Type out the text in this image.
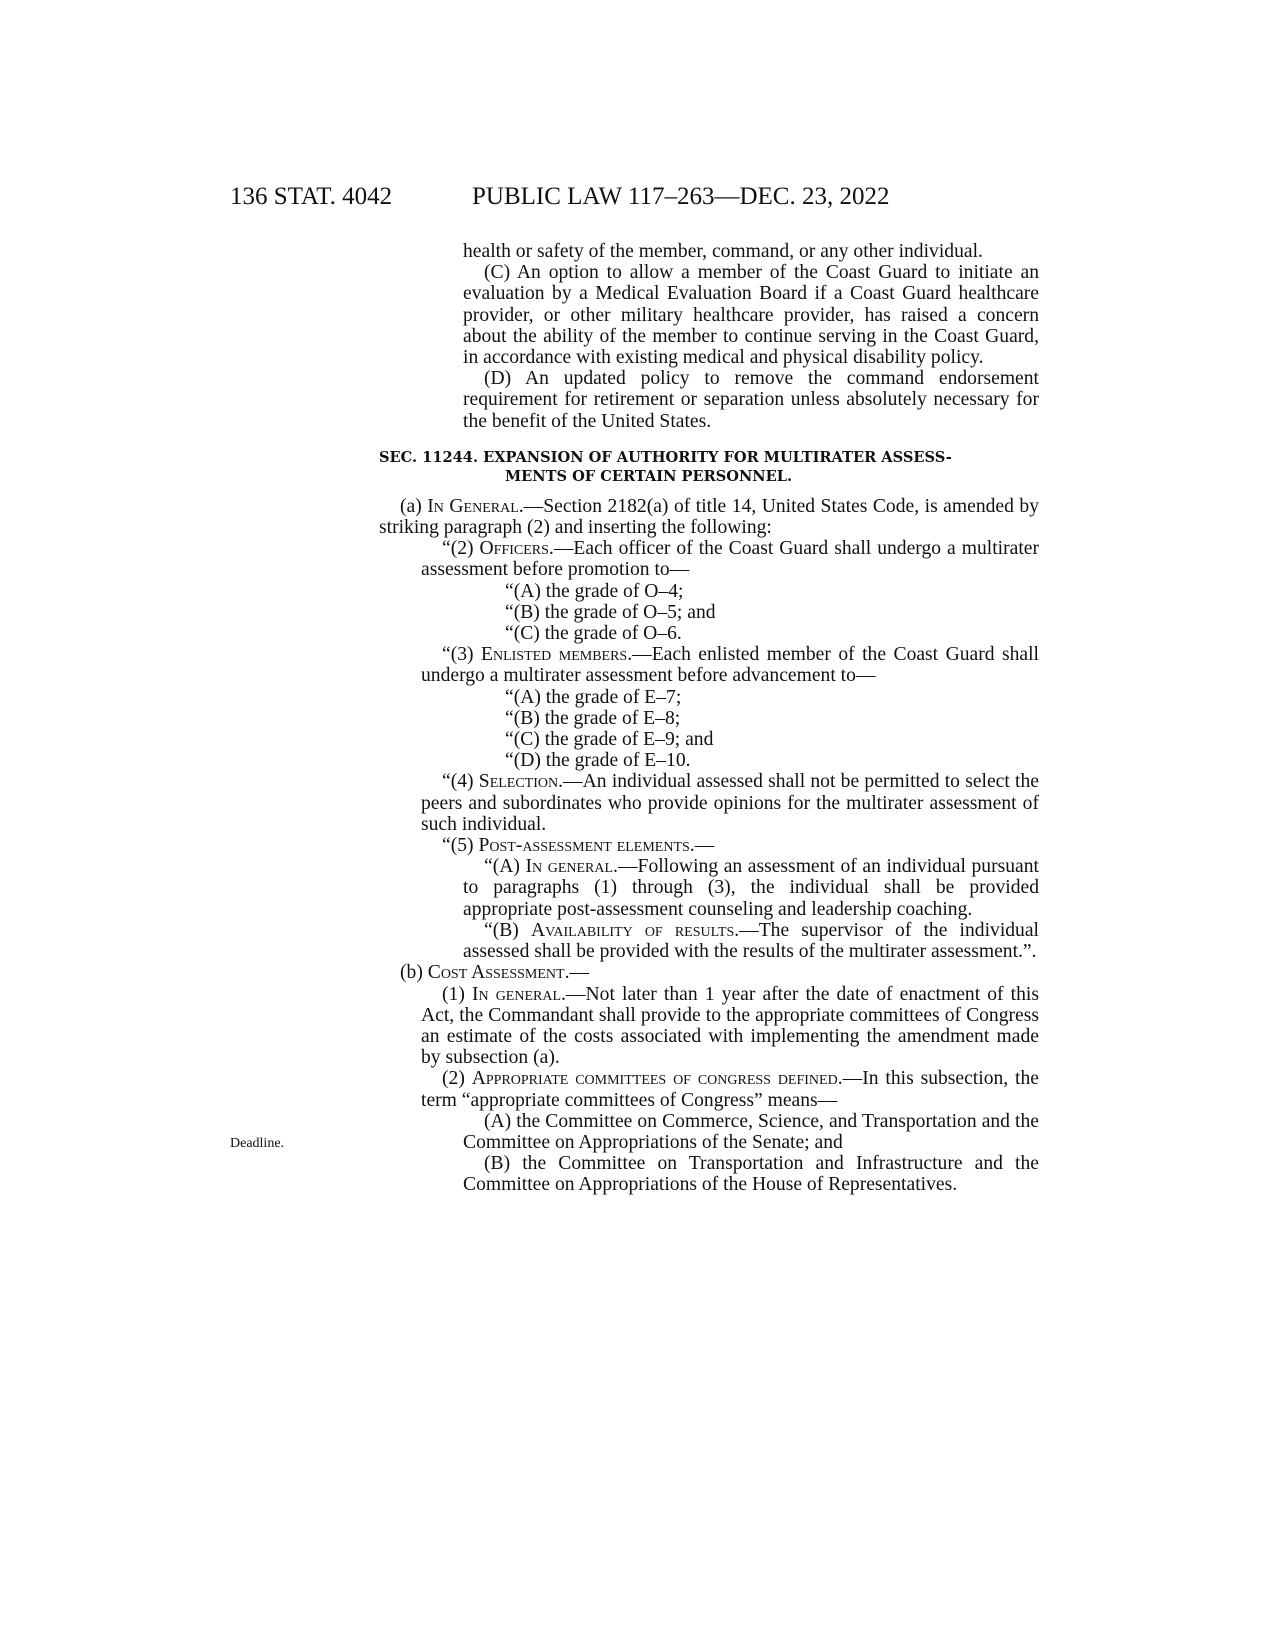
136 STAT. 4042	PUBLIC LAW 117–263—DEC. 23, 2022
Deadline.

health or safety of the member, command, or any other individual.

(C) An option to allow a member of the Coast Guard to initiate an evaluation by a Medical Evaluation Board if a Coast Guard healthcare provider, or other military healthcare provider, has raised a concern about the ability of the member to continue serving in the Coast Guard, in accordance with existing medical and physical disability policy.

(D) An updated policy to remove the command endorsement requirement for retirement or separation unless absolutely necessary for the benefit of the United States.

SEC. 11244. EXPANSION OF AUTHORITY FOR MULTIRATER ASSESS-
MENTS OF CERTAIN PERSONNEL.

(a) In General.—Section 2182(a) of title 14, United States Code, is amended by striking paragraph (2) and inserting the following:

“(2) Officers.—Each officer of the Coast Guard shall undergo a multirater assessment before promotion to—

“(A) the grade of O–4;

“(B) the grade of O–5; and

“(C) the grade of O–6.

“(3) Enlisted members.—Each enlisted member of the Coast Guard shall undergo a multirater assessment before advancement to—

“(A) the grade of E–7;

“(B) the grade of E–8;

“(C) the grade of E–9; and

“(D) the grade of E–10.

“(4) Selection.—An individual assessed shall not be permitted to select the peers and subordinates who provide opinions for the multirater assessment of such individual.

“(5) Post-assessment elements.—

“(A) In general.—Following an assessment of an individual pursuant to paragraphs (1) through (3), the individual shall be provided appropriate post-assessment counseling and leadership coaching.

“(B) Availability of results.—The supervisor of the individual assessed shall be provided with the results of the multirater assessment.”.

(b) Cost Assessment.—

(1) In general.—Not later than 1 year after the date of enactment of this Act, the Commandant shall provide to the appropriate committees of Congress an estimate of the costs associated with implementing the amendment made by subsection (a).

(2) Appropriate committees of congress defined.—In this subsection, the term “appropriate committees of Congress” means—

(A) the Committee on Commerce, Science, and Transportation and the Committee on Appropriations of the Senate; and

(B) the Committee on Transportation and Infrastructure and the Committee on Appropriations of the House of Representatives.
